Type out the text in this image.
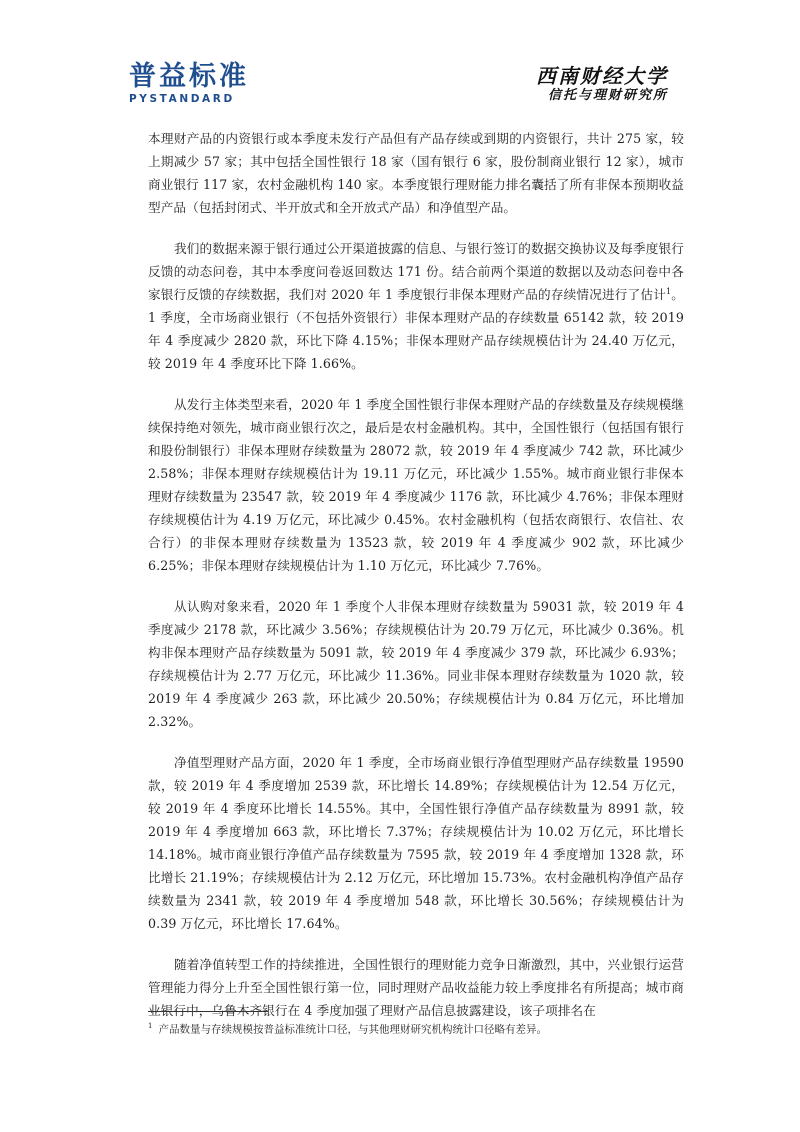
普益标准
PYSTANDARD
西南财经大学
信托与理财研究所

本理财产品的内资银行或本季度未发行产品但有产品存续或到期的内资银行，共计 275 家，较上期减少 57 家；其中包括全国性银行 18 家（国有银行 6 家，股份制商业银行 12 家），城市商业银行 117 家，农村金融机构 140 家。本季度银行理财能力排名囊括了所有非保本预期收益型产品（包括封闭式、半开放式和全开放式产品）和净值型产品。

我们的数据来源于银行通过公开渠道披露的信息、与银行签订的数据交换协议及每季度银行反馈的动态问卷，其中本季度问卷返回数达 171 份。结合前两个渠道的数据以及动态问卷中各家银行反馈的存续数据，我们对 2020 年 1 季度银行非保本理财产品的存续情况进行了估计$^1$。1 季度，全市场商业银行（不包括外资银行）非保本理财产品的存续数量 65142 款，较 2019 年 4 季度减少 2820 款，环比下降 4.15%；非保本理财产品存续规模估计为 24.40 万亿元，较 2019 年 4 季度环比下降 1.66%。

从发行主体类型来看，2020 年 1 季度全国性银行非保本理财产品的存续数量及存续规模继续保持绝对领先，城市商业银行次之，最后是农村金融机构。其中，全国性银行（包括国有银行和股份制银行）非保本理财存续数量为 28072 款，较 2019 年 4 季度减少 742 款，环比减少 2.58%；非保本理财存续规模估计为 19.11 万亿元，环比减少 1.55%。城市商业银行非保本理财存续数量为 23547 款，较 2019 年 4 季度减少 1176 款，环比减少 4.76%；非保本理财存续规模估计为 4.19 万亿元，环比减少 0.45%。农村金融机构（包括农商银行、农信社、农合行）的非保本理财存续数量为 13523 款，较 2019 年 4 季度减少 902 款，环比减少 6.25%；非保本理财存续规模估计为 1.10 万亿元，环比减少 7.76%。

从认购对象来看，2020 年 1 季度个人非保本理财存续数量为 59031 款，较 2019 年 4 季度减少 2178 款，环比减少 3.56%；存续规模估计为 20.79 万亿元，环比减少 0.36%。机构非保本理财产品存续数量为 5091 款，较 2019 年 4 季度减少 379 款，环比减少 6.93%；存续规模估计为 2.77 万亿元，环比减少 11.36%。同业非保本理财存续数量为 1020 款，较 2019 年 4 季度减少 263 款，环比减少 20.50%；存续规模估计为 0.84 万亿元，环比增加 2.32%。

净值型理财产品方面，2020 年 1 季度，全市场商业银行净值型理财产品存续数量 19590 款，较 2019 年 4 季度增加 2539 款，环比增长 14.89%；存续规模估计为 12.54 万亿元，较 2019 年 4 季度环比增长 14.55%。其中，全国性银行净值产品存续数量为 8991 款，较 2019 年 4 季度增加 663 款，环比增长 7.37%；存续规模估计为 10.02 万亿元，环比增长 14.18%。城市商业银行净值产品存续数量为 7595 款，较 2019 年 4 季度增加 1328 款，环比增长 21.19%；存续规模估计为 2.12 万亿元，环比增加 15.73%。农村金融机构净值产品存续数量为 2341 款，较 2019 年 4 季度增加 548 款，环比增长 30.56%；存续规模估计为 0.39 万亿元，环比增长 17.64%。

随着净值转型工作的持续推进，全国性银行的理财能力竞争日渐激烈，其中，兴业银行运营管理能力得分上升至全国性银行第一位，同时理财产品收益能力较上季度排名有所提高；城市商业银行中，乌鲁木齐银行在 4 季度加强了理财产品信息披露建设，该子项排名在

$^1$ 产品数量与存续规模按普益标准统计口径，与其他理财研究机构统计口径略有差异。
